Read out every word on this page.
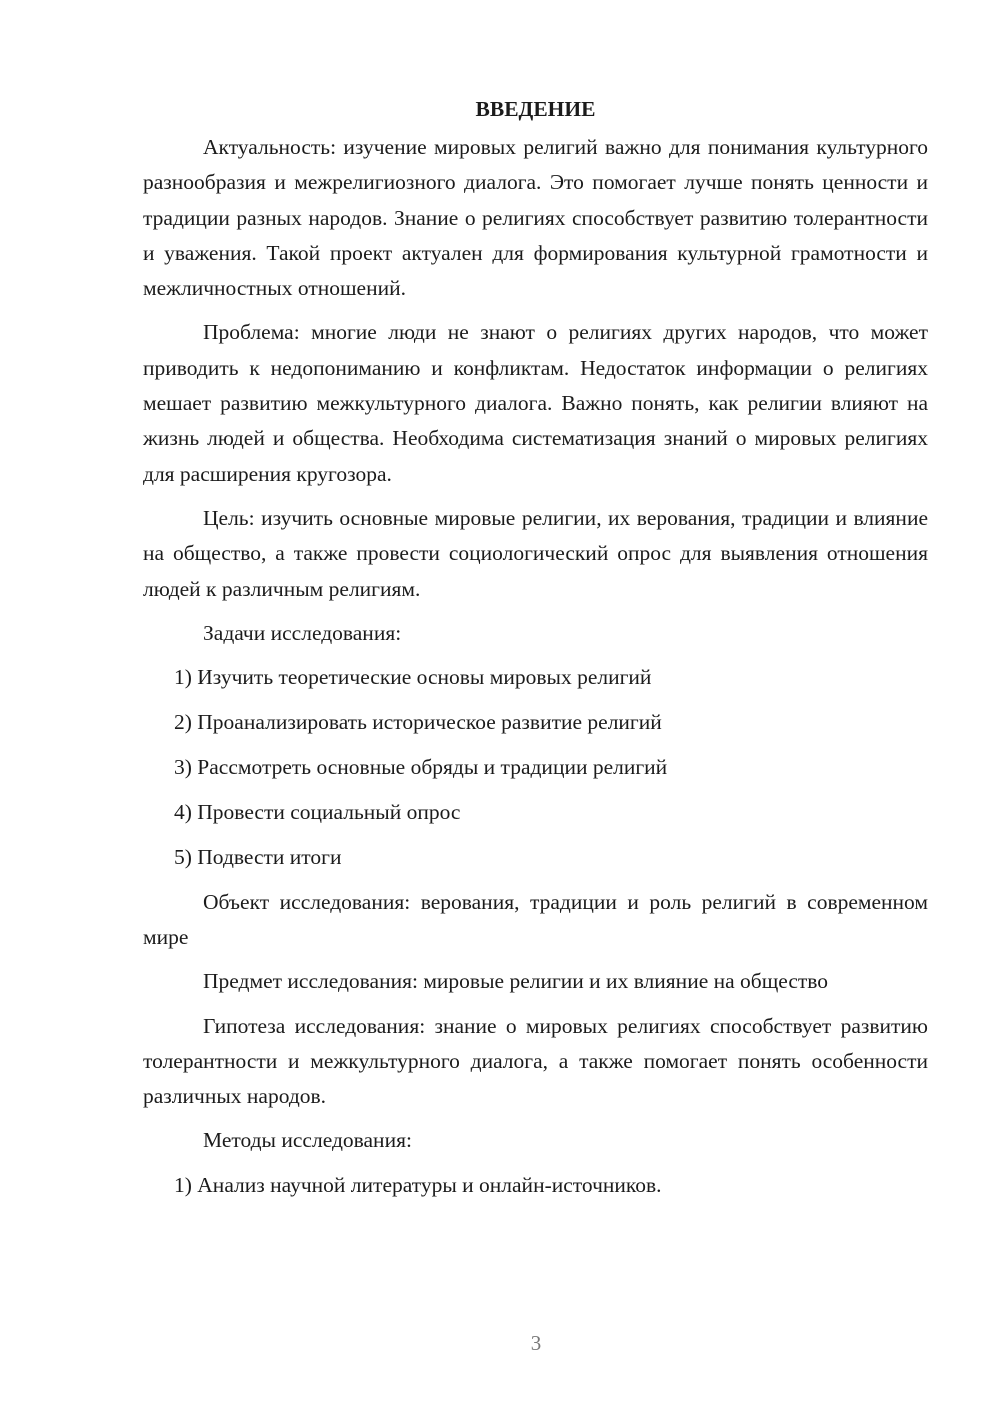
ВВЕДЕНИЕ

Актуальность: изучение мировых религий важно для понимания культурного разнообразия и межрелигиозного диалога. Это помогает лучше понять ценности и традиции разных народов. Знание о религиях способствует развитию толерантности и уважения. Такой проект актуален для формирования культурной грамотности и межличностных отношений.

Проблема: многие люди не знают о религиях других народов, что может приводить к недопониманию и конфликтам. Недостаток информации о религиях мешает развитию межкультурного диалога. Важно понять, как религии влияют на жизнь людей и общества. Необходима систематизация знаний о мировых религиях для расширения кругозора.

Цель: изучить основные мировые религии, их верования, традиции и влияние на общество, а также провести социологический опрос для выявления отношения людей к различным религиям.

Задачи исследования:

1) Изучить теоретические основы мировых религий

2) Проанализировать историческое развитие религий

3) Рассмотреть основные обряды и традиции религий

4) Провести социальный опрос

5) Подвести итоги

Объект исследования: верования, традиции и роль религий в современном мире

Предмет исследования: мировые религии и их влияние на общество

Гипотеза исследования: знание о мировых религиях способствует развитию толерантности и межкультурного диалога, а также помогает понять особенности различных народов.

Методы исследования:

1) Анализ научной литературы и онлайн-источников.

3
